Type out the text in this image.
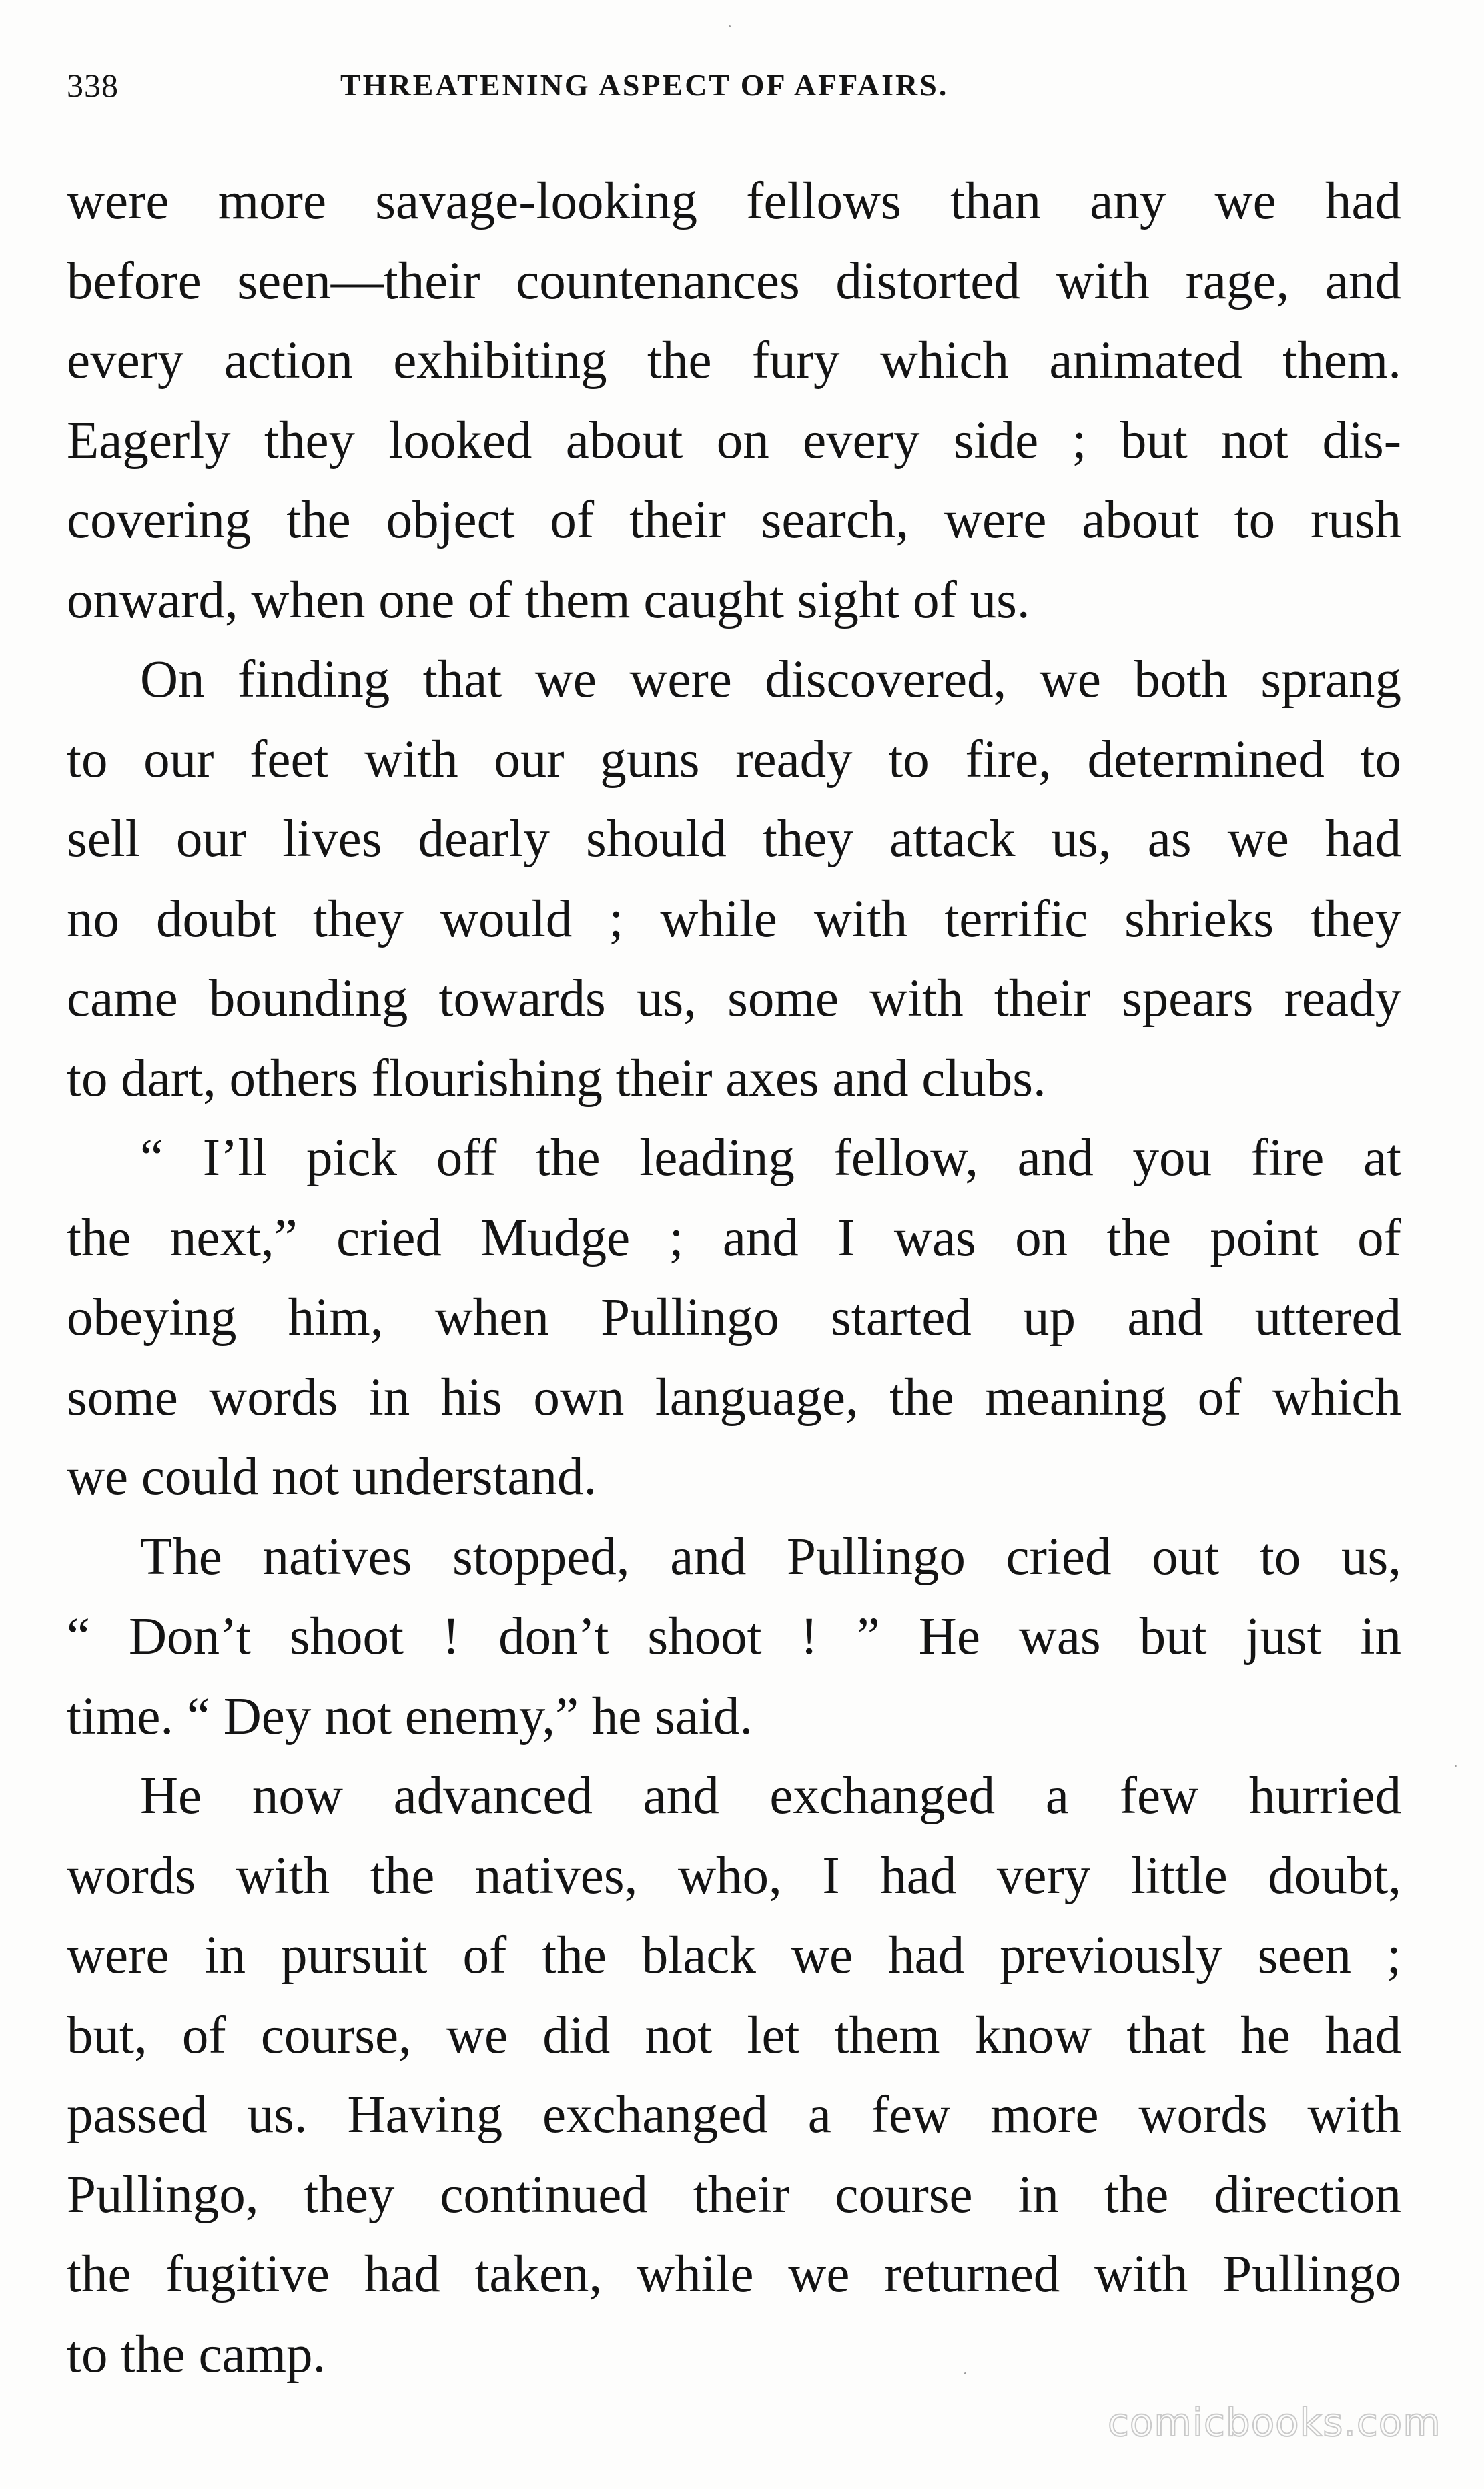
338	THREATENING ASPECT OF AFFAIRS.
were more savage-looking fellows than any we had
before seen—their countenances distorted with rage, and
every action exhibiting the fury which animated them.
Eagerly they looked about on every side ; but not dis-
covering the object of their search, were about to rush
onward, when one of them caught sight of us.
On finding that we were discovered, we both sprang
to our feet with our guns ready to fire, determined to
sell our lives dearly should they attack us, as we had
no doubt they would ; while with terrific shrieks they
came bounding towards us, some with their spears ready
to dart, others flourishing their axes and clubs.
“ I’ll pick off the leading fellow, and you fire at
the next,” cried Mudge ; and I was on the point of
obeying him, when Pullingo started up and uttered
some words in his own language, the meaning of which
we could not understand.
The natives stopped, and Pullingo cried out to us,
“ Don’t shoot ! don’t shoot ! ” He was but just in
time. “ Dey not enemy,” he said.
He now advanced and exchanged a few hurried
words with the natives, who, I had very little doubt,
were in pursuit of the black we had previously seen ;
but, of course, we did not let them know that he had
passed us. Having exchanged a few more words with
Pullingo, they continued their course in the direction
the fugitive had taken, while we returned with Pullingo
to the camp.
comicbooks.com
